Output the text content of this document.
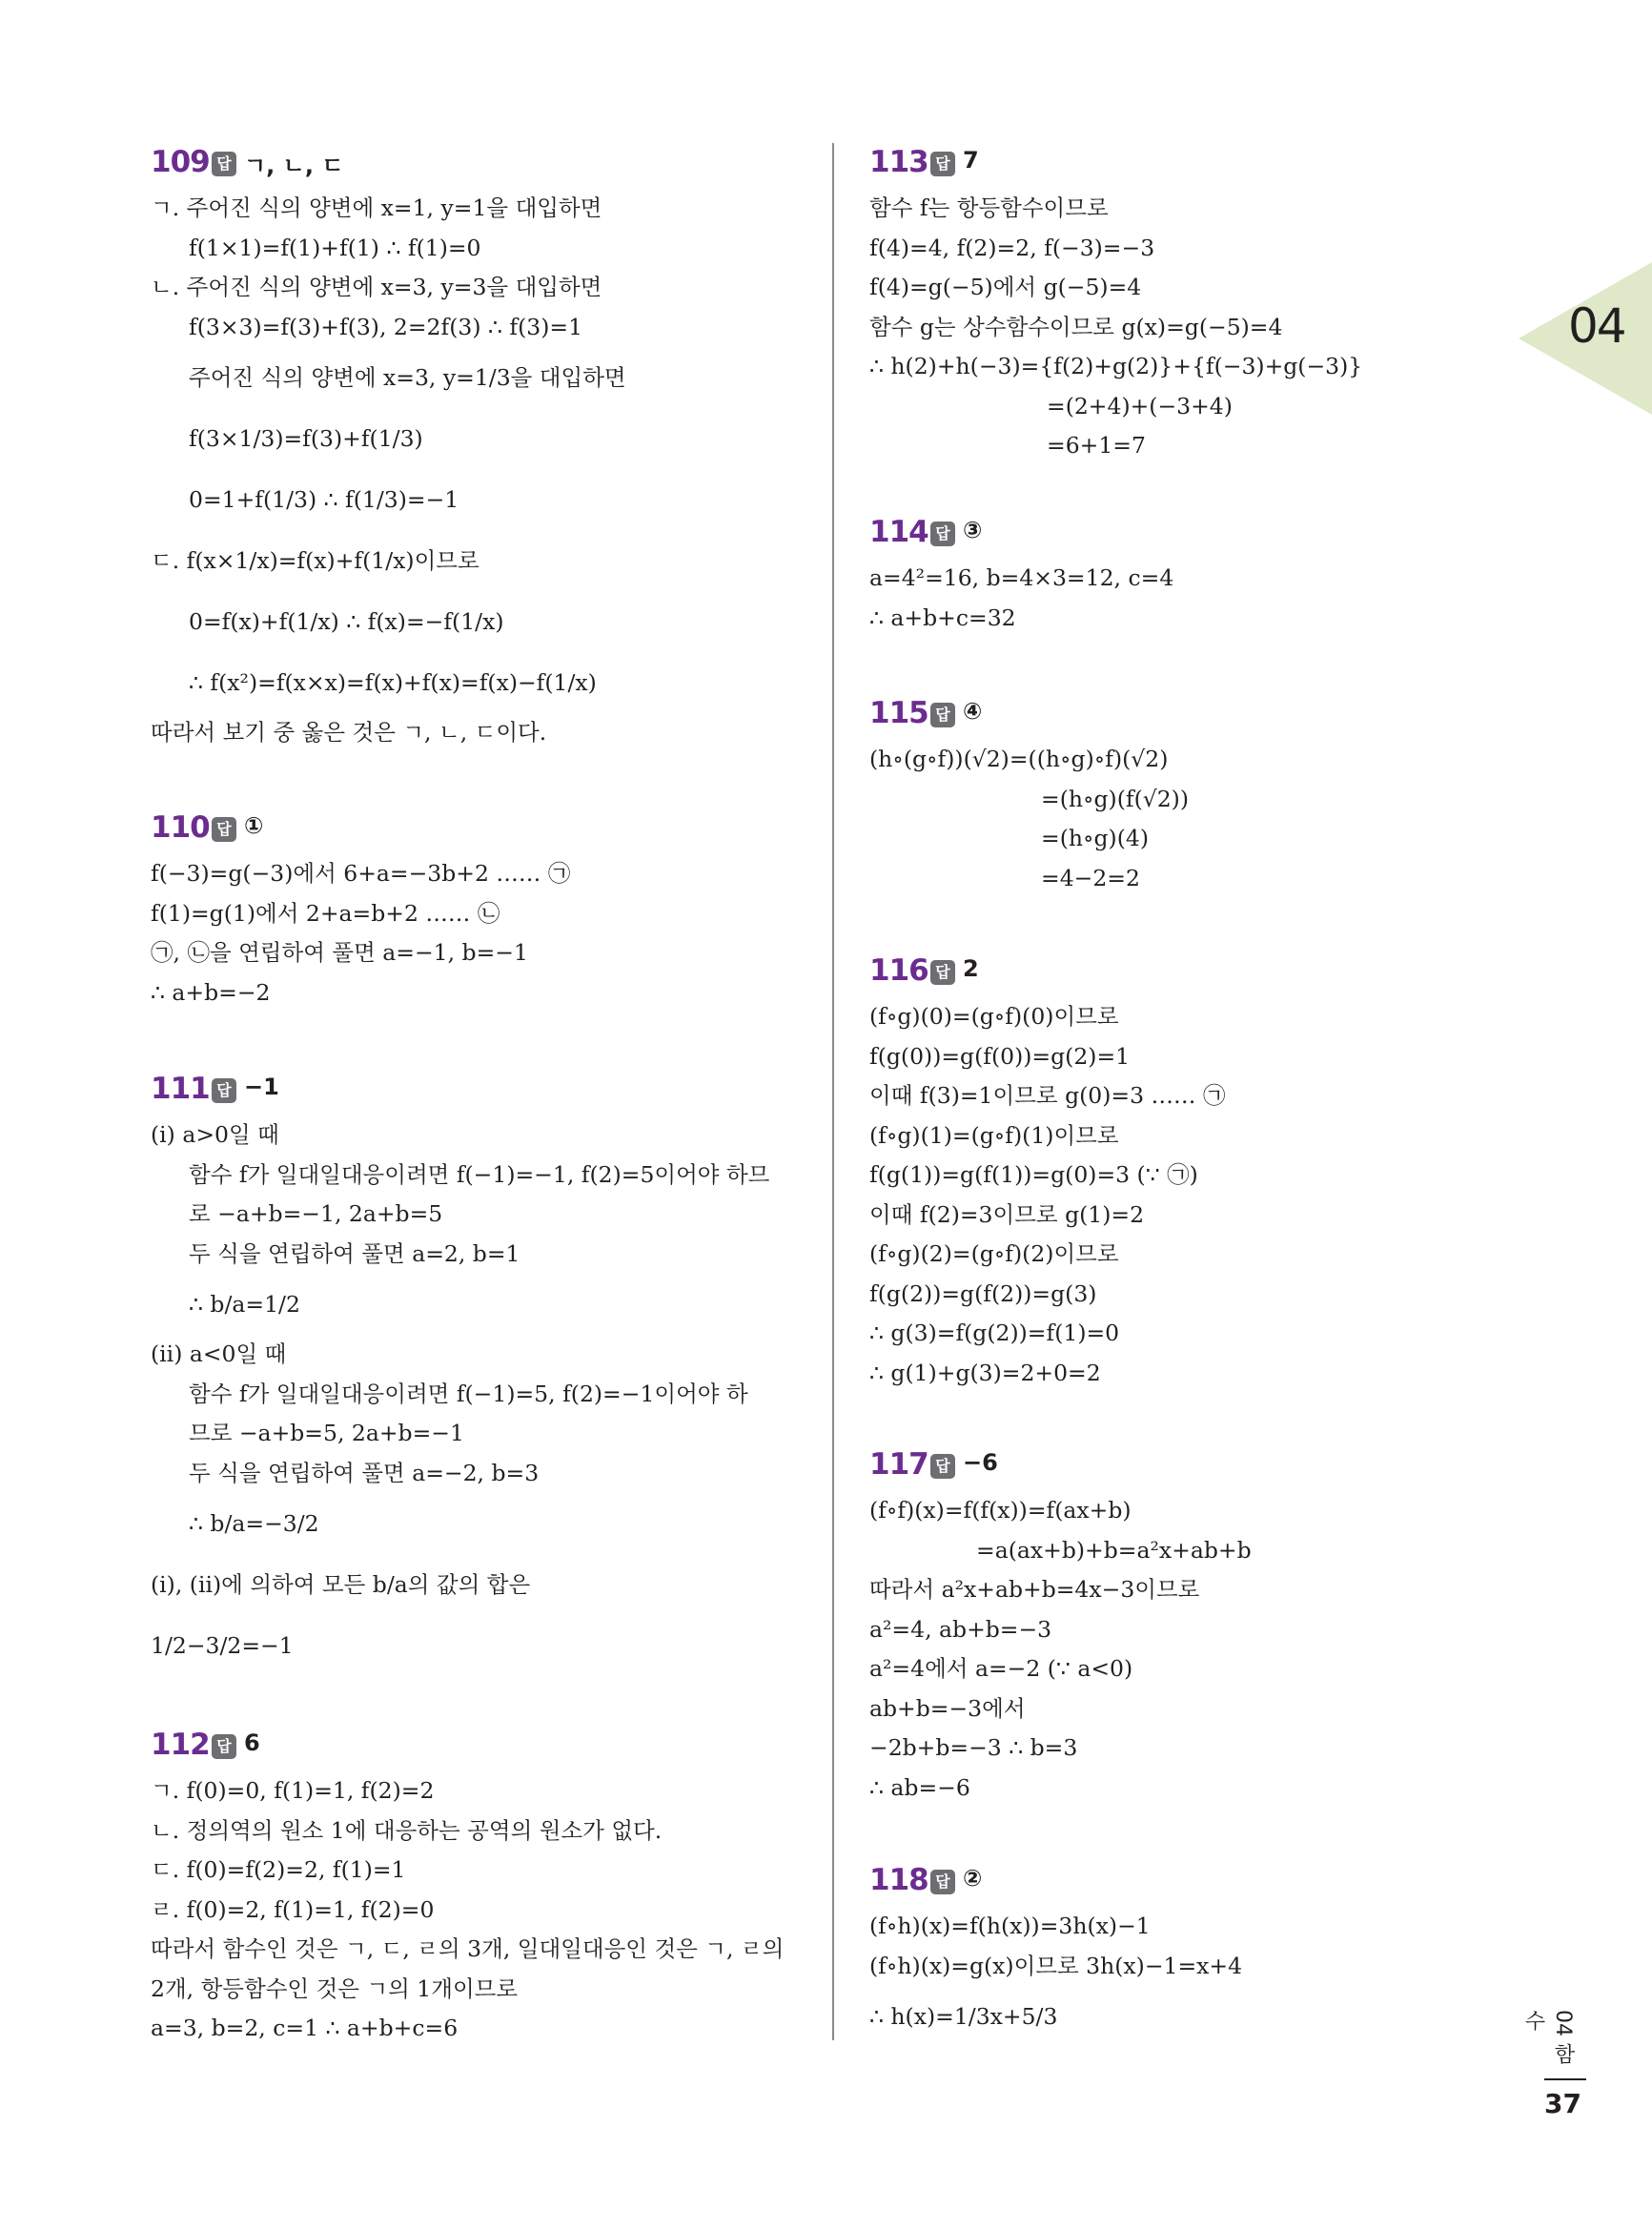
04
109 답 ㄱ, ㄴ, ㄷ
ㄱ. 주어진 식의 양변에 x=1, y=1을 대입하면
f(1×1)=f(1)+f(1) ∴ f(1)=0
ㄴ. 주어진 식의 양변에 x=3, y=3을 대입하면
f(3×3)=f(3)+f(3), 2=2f(3) ∴ f(3)=1
주어진 식의 양변에 x=3, y=1/3을 대입하면
f(3×1/3)=f(3)+f(1/3)
0=1+f(1/3) ∴ f(1/3)=−1
ㄷ. f(x×1/x)=f(x)+f(1/x)이므로
0=f(x)+f(1/x) ∴ f(x)=−f(1/x)
∴ f(x²)=f(x×x)=f(x)+f(x)=f(x)−f(1/x)
따라서 보기 중 옳은 것은 ㄱ, ㄴ, ㄷ이다.
110 답 ①
f(−3)=g(−3)에서 6+a=−3b+2 …… ㉠
f(1)=g(1)에서 2+a=b+2 …… ㉡
㉠, ㉡을 연립하여 풀면 a=−1, b=−1
∴ a+b=−2
111 답 −1
(ⅰ) a>0일 때
함수 f가 일대일대응이려면 f(−1)=−1, f(2)=5이어야 하므
로 −a+b=−1, 2a+b=5
두 식을 연립하여 풀면 a=2, b=1
∴ b/a=1/2
(ⅱ) a<0일 때
함수 f가 일대일대응이려면 f(−1)=5, f(2)=−1이어야 하
므로 −a+b=5, 2a+b=−1
두 식을 연립하여 풀면 a=−2, b=3
∴ b/a=−3/2
(ⅰ), (ⅱ)에 의하여 모든 b/a의 값의 합은
1/2−3/2=−1
112 답 6
ㄱ. f(0)=0, f(1)=1, f(2)=2
ㄴ. 정의역의 원소 1에 대응하는 공역의 원소가 없다.
ㄷ. f(0)=f(2)=2, f(1)=1
ㄹ. f(0)=2, f(1)=1, f(2)=0
따라서 함수인 것은 ㄱ, ㄷ, ㄹ의 3개, 일대일대응인 것은 ㄱ, ㄹ의
2개, 항등함수인 것은 ㄱ의 1개이므로
a=3, b=2, c=1 ∴ a+b+c=6
113 답 7
함수 f는 항등함수이므로
f(4)=4, f(2)=2, f(−3)=−3
f(4)=g(−5)에서 g(−5)=4
함수 g는 상수함수이므로 g(x)=g(−5)=4
∴ h(2)+h(−3)={f(2)+g(2)}+{f(−3)+g(−3)}
=(2+4)+(−3+4)
=6+1=7
114 답 ③
a=4²=16, b=4×3=12, c=4
∴ a+b+c=32
115 답 ④
(h∘(g∘f))(√2)=((h∘g)∘f)(√2)
=(h∘g)(f(√2))
=(h∘g)(4)
=4−2=2
116 답 2
(f∘g)(0)=(g∘f)(0)이므로
f(g(0))=g(f(0))=g(2)=1
이때 f(3)=1이므로 g(0)=3 …… ㉠
(f∘g)(1)=(g∘f)(1)이므로
f(g(1))=g(f(1))=g(0)=3 (∵ ㉠)
이때 f(2)=3이므로 g(1)=2
(f∘g)(2)=(g∘f)(2)이므로
f(g(2))=g(f(2))=g(3)
∴ g(3)=f(g(2))=f(1)=0
∴ g(1)+g(3)=2+0=2
117 답 −6
(f∘f)(x)=f(f(x))=f(ax+b)
=a(ax+b)+b=a²x+ab+b
따라서 a²x+ab+b=4x−3이므로
a²=4, ab+b=−3
a²=4에서 a=−2 (∵ a<0)
ab+b=−3에서
−2b+b=−3 ∴ b=3
∴ ab=−6
118 답 ②
(f∘h)(x)=f(h(x))=3h(x)−1
(f∘h)(x)=g(x)이므로 3h(x)−1=x+4
∴ h(x)=1/3x+5/3	04 함수
37
